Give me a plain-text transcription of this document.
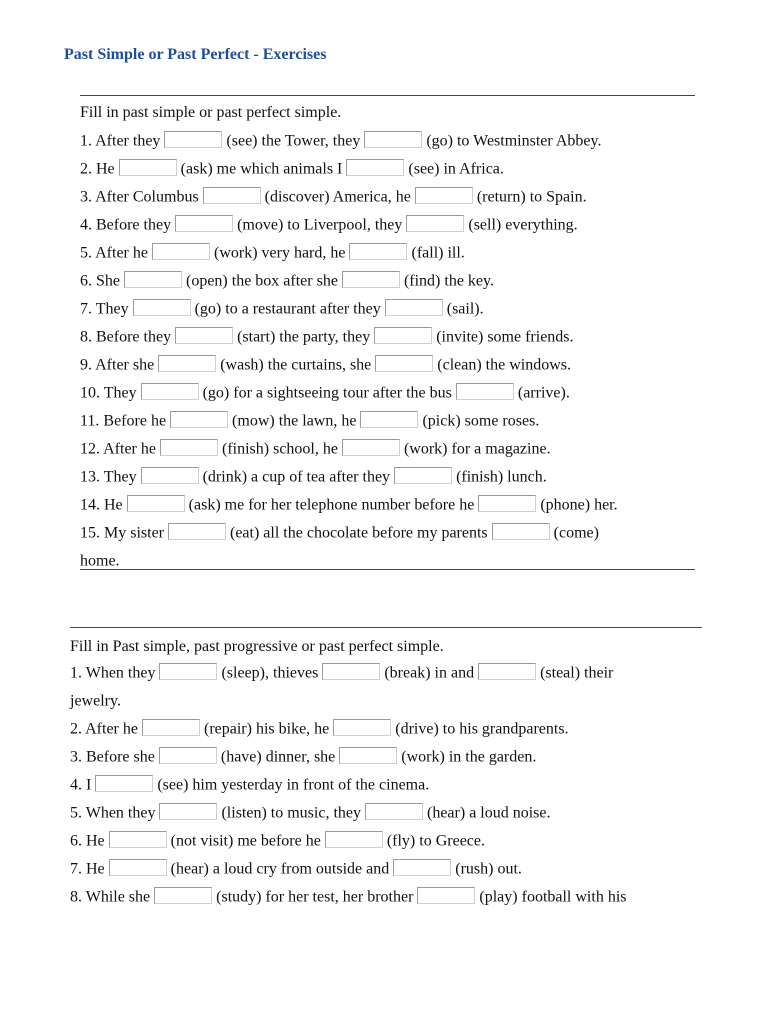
Past Simple or Past Perfect - Exercises
Fill in past simple or past perfect simple.
1. After they	(see) the Tower, they	(go) to Westminster Abbey.
2. He	(ask) me which animals I	(see) in Africa.
3. After Columbus	(discover) America, he	(return) to Spain.
4. Before they	(move) to Liverpool, they	(sell) everything.
5. After he	(work) very hard, he	(fall) ill.
6. She	(open) the box after she	(find) the key.
7. They	(go) to a restaurant after they	(sail).
8. Before they	(start) the party, they	(invite) some friends.
9. After she	(wash) the curtains, she	(clean) the windows.
10. They	(go) for a sightseeing tour after the bus	(arrive).
11. Before he	(mow) the lawn, he	(pick) some roses.
12. After he	(finish) school, he	(work) for a magazine.
13. They	(drink) a cup of tea after they	(finish) lunch.
14. He	(ask) me for her telephone number before he	(phone) her.
15. My sister	(eat) all the chocolate before my parents	(come)
home.
Fill in Past simple, past progressive or past perfect simple.
1. When they	(sleep), thieves	(break) in and	(steal) their
jewelry.
2. After he	(repair) his bike, he	(drive) to his grandparents.
3. Before she	(have) dinner, she	(work) in the garden.
4. I	(see) him yesterday in front of the cinema.
5. When they	(listen) to music, they	(hear) a loud noise.
6. He	(not visit) me before he	(fly) to Greece.
7. He	(hear) a loud cry from outside and	(rush) out.
8. While she	(study) for her test, her brother	(play) football with his
